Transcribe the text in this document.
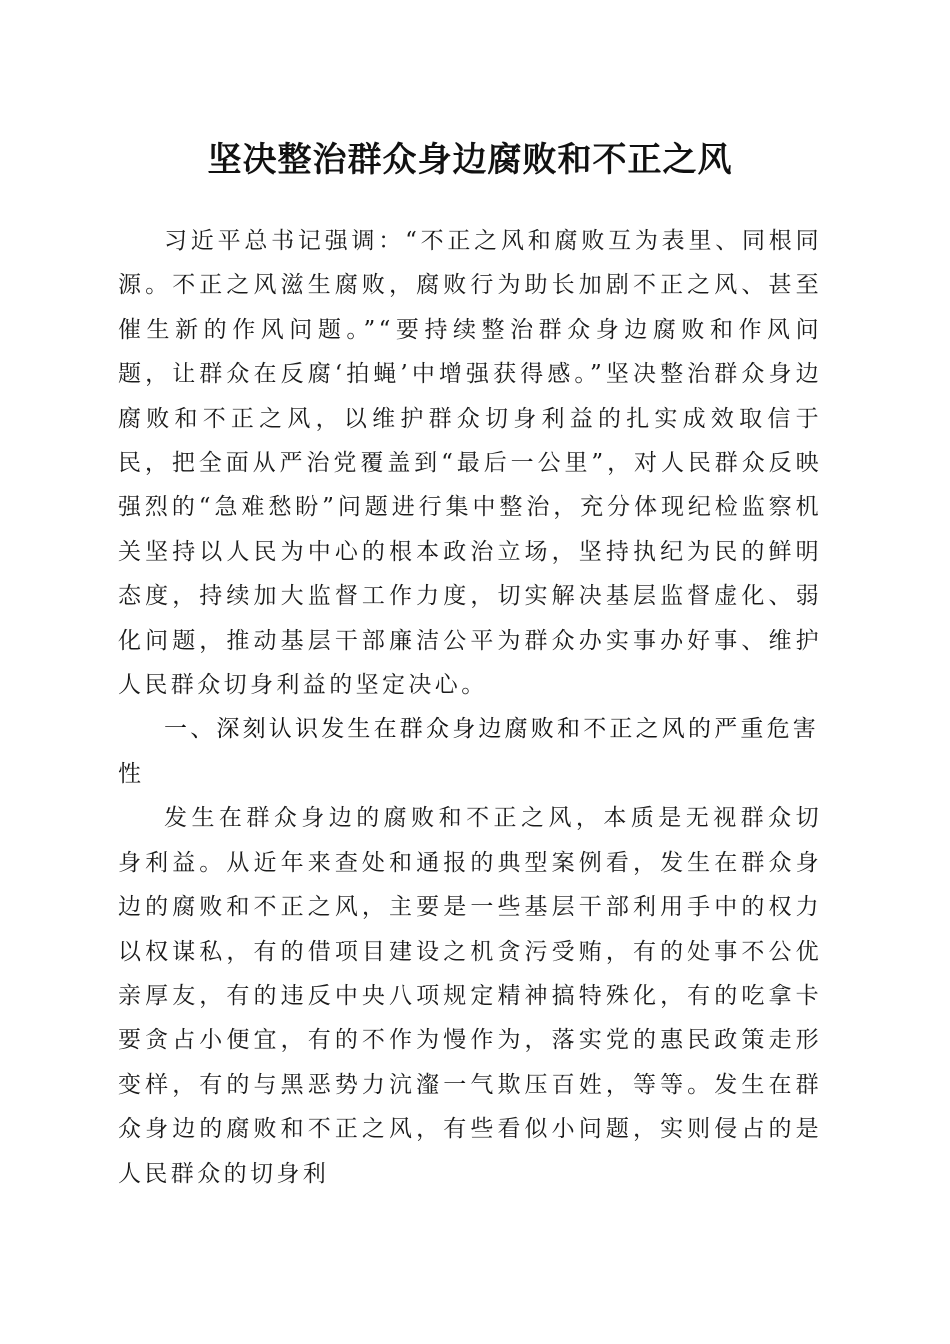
坚决整治群众身边腐败和不正之风

习近平总书记强调：“不正之风和腐败互为表里、同根同源。不正之风滋生腐败，腐败行为助长加剧不正之风、甚至催生新的作风问题。”“要持续整治群众身边腐败和作风问题，让群众在反腐‘拍蝇’中增强获得感。”坚决整治群众身边腐败和不正之风，以维护群众切身利益的扎实成效取信于民，把全面从严治党覆盖到“最后一公里”，对人民群众反映强烈的“急难愁盼”问题进行集中整治，充分体现纪检监察机关坚持以人民为中心的根本政治立场，坚持执纪为民的鲜明态度，持续加大监督工作力度，切实解决基层监督虚化、弱化问题，推动基层干部廉洁公平为群众办实事办好事、维护人民群众切身利益的坚定决心。

一、深刻认识发生在群众身边腐败和不正之风的严重危害性

发生在群众身边的腐败和不正之风，本质是无视群众切身利益。从近年来查处和通报的典型案例看，发生在群众身边的腐败和不正之风，主要是一些基层干部利用手中的权力以权谋私，有的借项目建设之机贪污受贿，有的处事不公优亲厚友，有的违反中央八项规定精神搞特殊化，有的吃拿卡要贪占小便宜，有的不作为慢作为，落实党的惠民政策走形变样，有的与黑恶势力沆瀣一气欺压百姓，等等。发生在群众身边的腐败和不正之风，有些看似小问题，实则侵占的是人民群众的切身利
